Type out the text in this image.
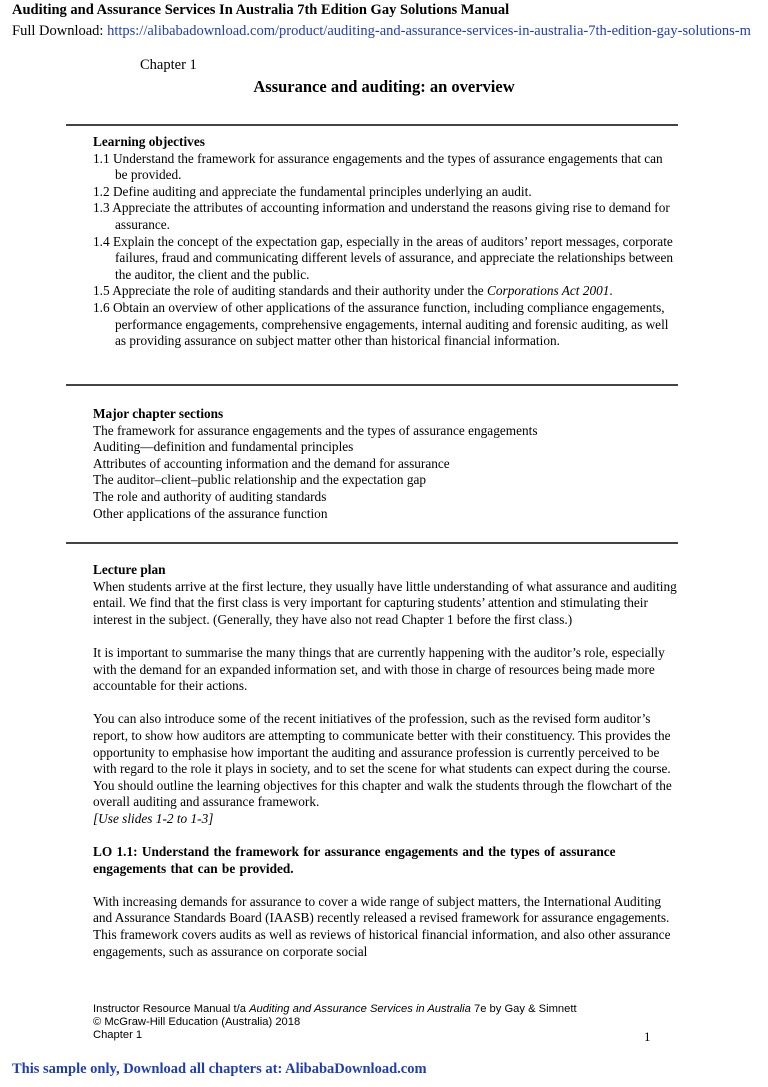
Auditing and Assurance Services In Australia 7th Edition Gay Solutions Manual
Full Download: https://alibabadownload.com/product/auditing-and-assurance-services-in-australia-7th-edition-gay-solutions-m
Chapter 1
Assurance and auditing: an overview

Learning objectives

1.1 Understand the framework for assurance engagements and the types of assurance engagements that can be provided.

1.2 Define auditing and appreciate the fundamental principles underlying an audit.

1.3 Appreciate the attributes of accounting information and understand the reasons giving rise to demand for assurance.

1.4 Explain the concept of the expectation gap, especially in the areas of auditors’ report messages, corporate failures, fraud and communicating different levels of assurance, and appreciate the relationships between the auditor, the client and the public.

1.5 Appreciate the role of auditing standards and their authority under the Corporations Act 2001.

1.6 Obtain an overview of other applications of the assurance function, including compliance engagements, performance engagements, comprehensive engagements, internal auditing and forensic auditing, as well as providing assurance on subject matter other than historical financial information.

Major chapter sections

The framework for assurance engagements and the types of assurance engagements

Auditing—definition and fundamental principles

Attributes of accounting information and the demand for assurance

The auditor–client–public relationship and the expectation gap

The role and authority of auditing standards

Other applications of the assurance function

Lecture plan

When students arrive at the first lecture, they usually have little understanding of what assurance and auditing entail. We find that the first class is very important for capturing students’ attention and stimulating their interest in the subject. (Generally, they have also not read Chapter 1 before the first class.)

It is important to summarise the many things that are currently happening with the auditor’s role, especially with the demand for an expanded information set, and with those in charge of resources being made more accountable for their actions.

You can also introduce some of the recent initiatives of the profession, such as the revised form auditor’s report, to show how auditors are attempting to communicate better with their constituency. This provides the opportunity to emphasise how important the auditing and assurance profession is currently perceived to be with regard to the role it plays in society, and to set the scene for what students can expect during the course. You should outline the learning objectives for this chapter and walk the students through the flowchart of the overall auditing and assurance framework.

[Use slides 1-2 to 1-3]

LO 1.1: Understand the framework for assurance engagements and the types of assurance engagements that can be provided.

With increasing demands for assurance to cover a wide range of subject matters, the International Auditing and Assurance Standards Board (IAASB) recently released a revised framework for assurance engagements. This framework covers audits as well as reviews of historical financial information, and also other assurance engagements, such as assurance on corporate social

Instructor Resource Manual t/a Auditing and Assurance Services in Australia 7e by Gay & Simnett
© McGraw-Hill Education (Australia) 2018
Chapter 1	1
This sample only, Download all chapters at: AlibabaDownload.com
